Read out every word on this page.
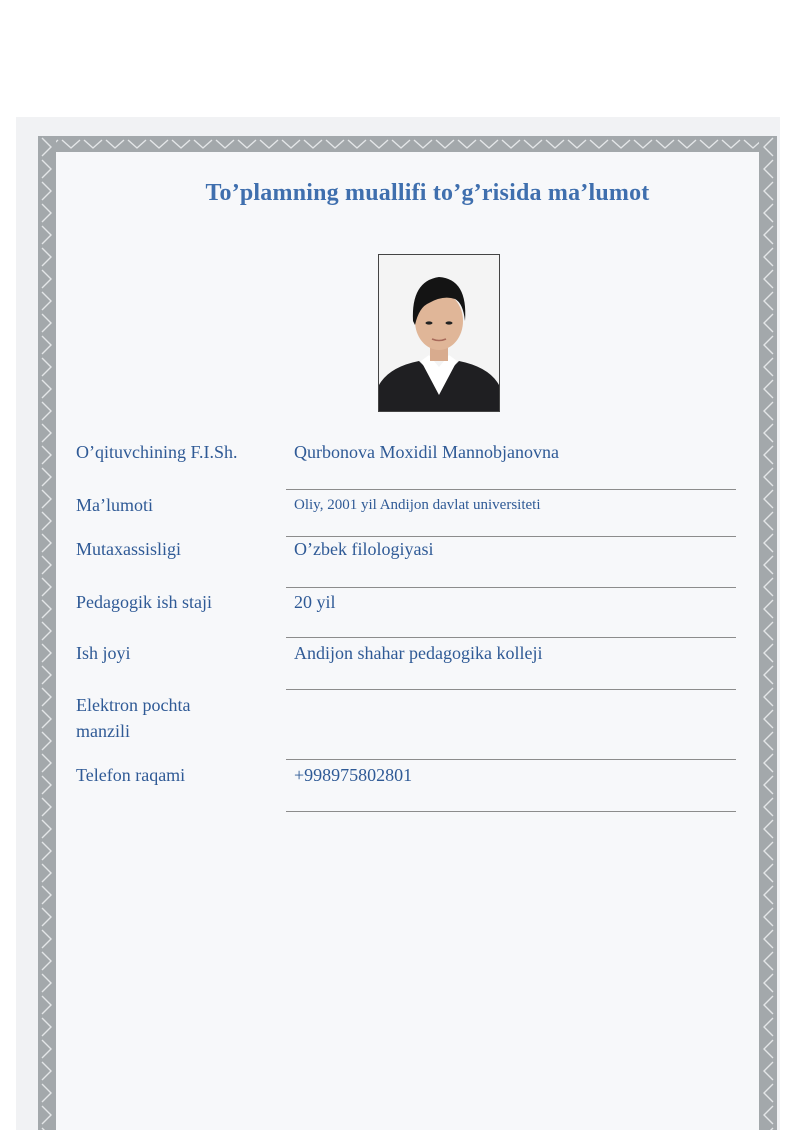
To’plamning muallifi to’g’risida ma’lumot
O’qituvchining F.I.Sh.	Qurbonova Moxidil Mannobjanovna
Ma’lumoti	Oliy, 2001 yil Andijon davlat universiteti
Mutaxassisligi	O’zbek filologiyasi
Pedagogik ish staji	20 yil
Ish joyi	Andijon shahar pedagogika kolleji
Elektron pochta manzili
Telefon raqami	+998975802801
